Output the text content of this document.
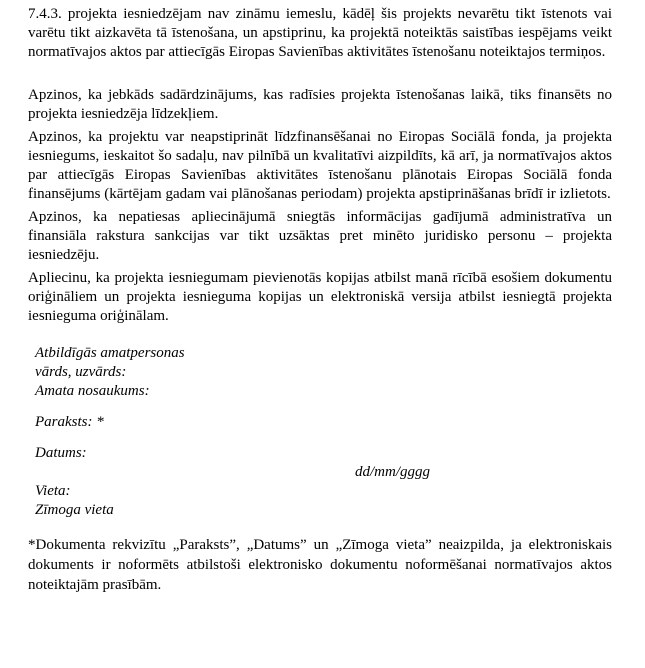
7.4.3. projekta iesniedzējam nav zināmu iemeslu, kādēļ šis projekts nevarētu tikt īstenots vai varētu tikt aizkavēta tā īstenošana, un apstiprinu, ka projektā noteiktās saistības iespējams veikt normatīvajos aktos par attiecīgās Eiropas Savienības aktivitātes īstenošanu noteiktajos termiņos.

Apzinos, ka jebkāds sadārdzinājums, kas radīsies projekta īstenošanas laikā, tiks finansēts no projekta iesniedzēja līdzekļiem.

Apzinos, ka projektu var neapstiprināt līdzfinansēšanai no Eiropas Sociālā fonda, ja projekta iesniegums, ieskaitot šo sadaļu, nav pilnībā un kvalitatīvi aizpildīts, kā arī, ja normatīvajos aktos par attiecīgās Eiropas Savienības aktivitātes īstenošanu plānotais Eiropas Sociālā fonda finansējums (kārtējam gadam vai plānošanas periodam) projekta apstiprināšanas brīdī ir izlietots.

Apzinos, ka nepatiesas apliecinājumā sniegtās informācijas gadījumā administratīva un finansiāla rakstura sankcijas var tikt uzsāktas pret minēto juridisko personu – projekta iesniedzēju.

Apliecinu, ka projekta iesniegumam pievienotās kopijas atbilst manā rīcībā esošiem dokumentu oriģināliem un projekta iesnieguma kopijas un elektroniskā versija atbilst iesniegtā projekta iesnieguma oriģinālam.

Atbildīgās amatpersonas
vārds, uzvārds:
Amata nosaukums:
Paraksts: *
Datums:
dd/mm/gggg
Vieta:
Zīmoga vieta

*Dokumenta rekvizītu „Paraksts”, „Datums” un „Zīmoga vieta” neaizpilda, ja elektroniskais dokuments ir noformēts atbilstoši elektronisko dokumentu noformēšanai normatīvajos aktos noteiktajām prasībām.
